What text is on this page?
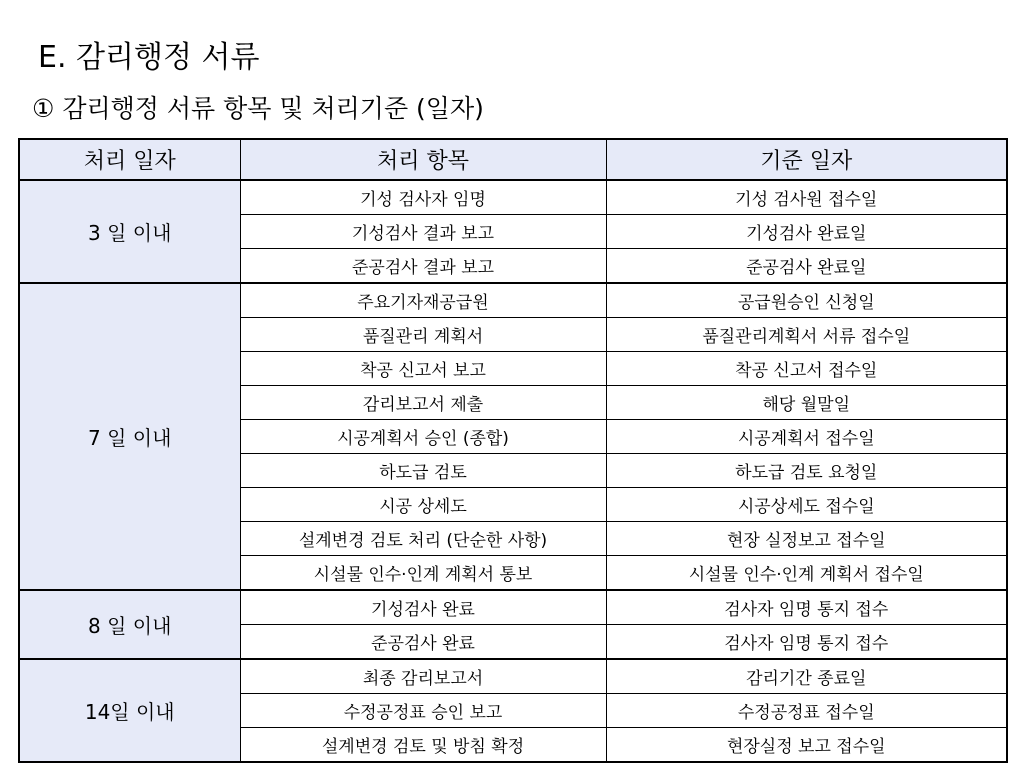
E. 감리행정 서류
① 감리행정 서류 항목 및 처리기준 (일자)
처리 일자	처리 항목	기준 일자
3 일 이내	기성 검사자 임명	기성 검사원 접수일
	기성검사 결과 보고	기성검사 완료일
	준공검사 결과 보고	준공검사 완료일
7 일 이내	주요기자재공급원	공급원승인 신청일
	품질관리 계획서	품질관리계획서 서류 접수일
	착공 신고서 보고	착공 신고서 접수일
	감리보고서 제출	해당 월말일
	시공계획서 승인 (종합)	시공계획서 접수일
	하도급 검토	하도급 검토 요청일
	시공 상세도	시공상세도 접수일
	설계변경 검토 처리 (단순한 사항)	현장 실정보고 접수일
	시설물 인수·인계 계획서 통보	시설물 인수·인계 계획서 접수일
8 일 이내	기성검사 완료	검사자 임명 통지 접수
	준공검사 완료	검사자 임명 통지 접수
14일 이내	최종 감리보고서	감리기간 종료일
	수정공정표 승인 보고	수정공정표 접수일
	설계변경 검토 및 방침 확정	현장실정 보고 접수일
